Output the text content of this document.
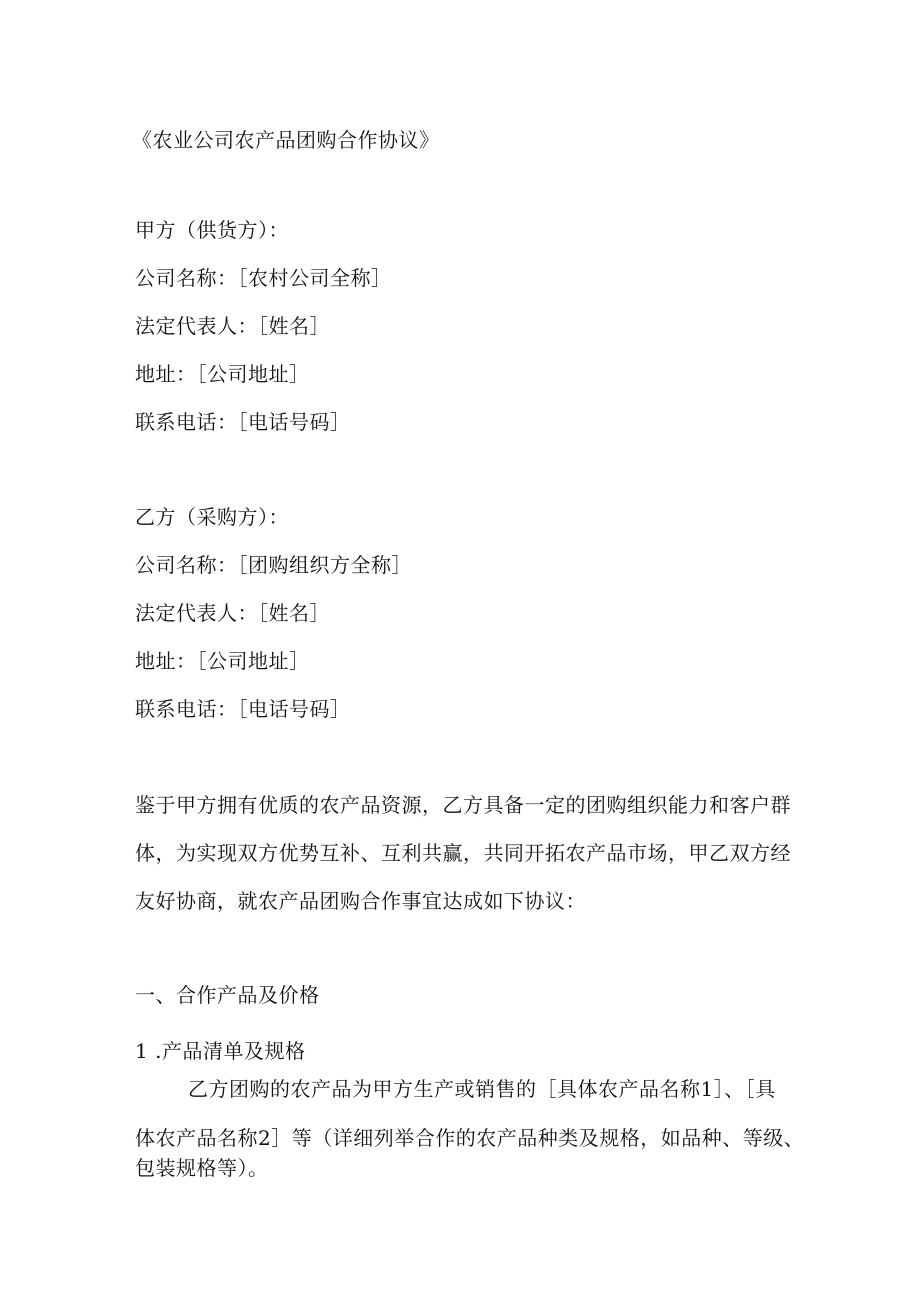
《农业公司农产品团购合作协议》
甲方（供货方）：
公司名称：［农村公司全称］
法定代表人：［姓名］
地址：［公司地址］
联系电话：［电话号码］
乙方（采购方）：
公司名称：［团购组织方全称］
法定代表人：［姓名］
地址：［公司地址］
联系电话：［电话号码］
鉴于甲方拥有优质的农产品资源，乙方具备一定的团购组织能力和客户群
体，为实现双方优势互补、互利共赢，共同开拓农产品市场，甲乙双方经
友好协商，就农产品团购合作事宜达成如下协议：
一、合作产品及价格
1 .产品清单及规格
乙方团购的农产品为甲方生产或销售的［具体农产品名称1］、［具
体农产品名称2］等（详细列举合作的农产品种类及规格，如品种、等级、
包装规格等）。
